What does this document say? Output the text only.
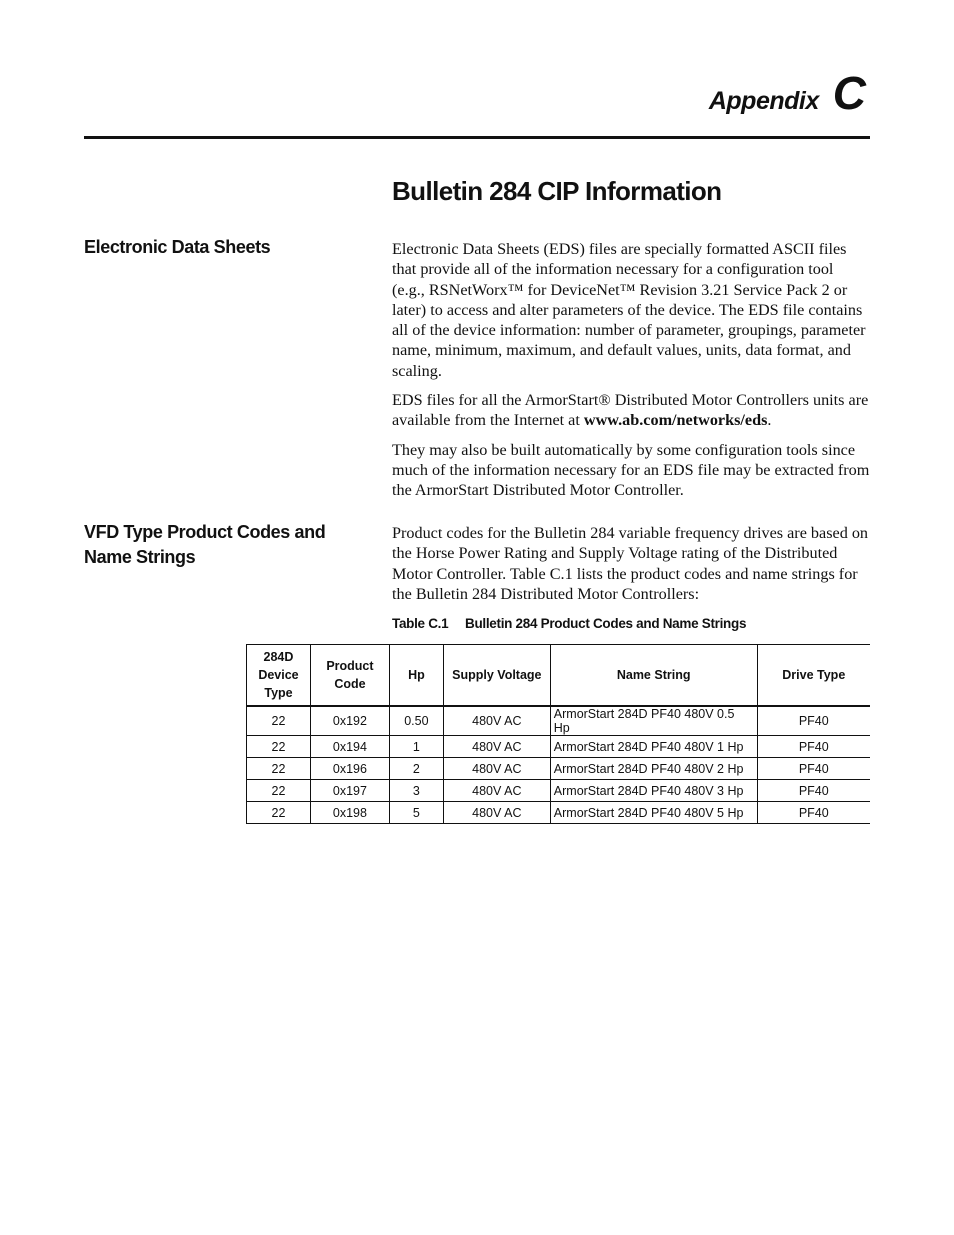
Appendix C
Bulletin 284 CIP Information
Electronic Data Sheets	Electronic Data Sheets (EDS) files are specially formatted ASCII files that provide all of the information necessary for a configuration tool (e.g., RSNetWorx™ for DeviceNet™ Revision 3.21 Service Pack 2 or later) to access and alter parameters of the device. The EDS file contains all of the device information: number of parameter, groupings, parameter name, minimum, maximum, and default values, units, data format, and scaling.

EDS files for all the ArmorStart® Distributed Motor Controllers units are available from the Internet at www.ab.com/networks/eds.

They may also be built automatically by some configuration tools since much of the information necessary for an EDS file may be extracted from the ArmorStart Distributed Motor Controller.

VFD Type Product Codes and Name Strings

Product codes for the Bulletin 284 variable frequency drives are based on the Horse Power Rating and Supply Voltage rating of the Distributed Motor Controller. Table C.1 lists the product codes and name strings for the Bulletin 284 Distributed Motor Controllers:

Table C.1 Bulletin 284 Product Codes and Name Strings
284D Device Type	Product Code	Hp	Supply Voltage	Name String	Drive Type
22	0x192	0.50	480V AC	ArmorStart 284D PF40 480V 0.5 Hp	PF40
22	0x194	1	480V AC	ArmorStart 284D PF40 480V 1 Hp	PF40
22	0x196	2	480V AC	ArmorStart 284D PF40 480V 2 Hp	PF40
22	0x197	3	480V AC	ArmorStart 284D PF40 480V 3 Hp	PF40
22	0x198	5	480V AC	ArmorStart 284D PF40 480V 5 Hp	PF40
